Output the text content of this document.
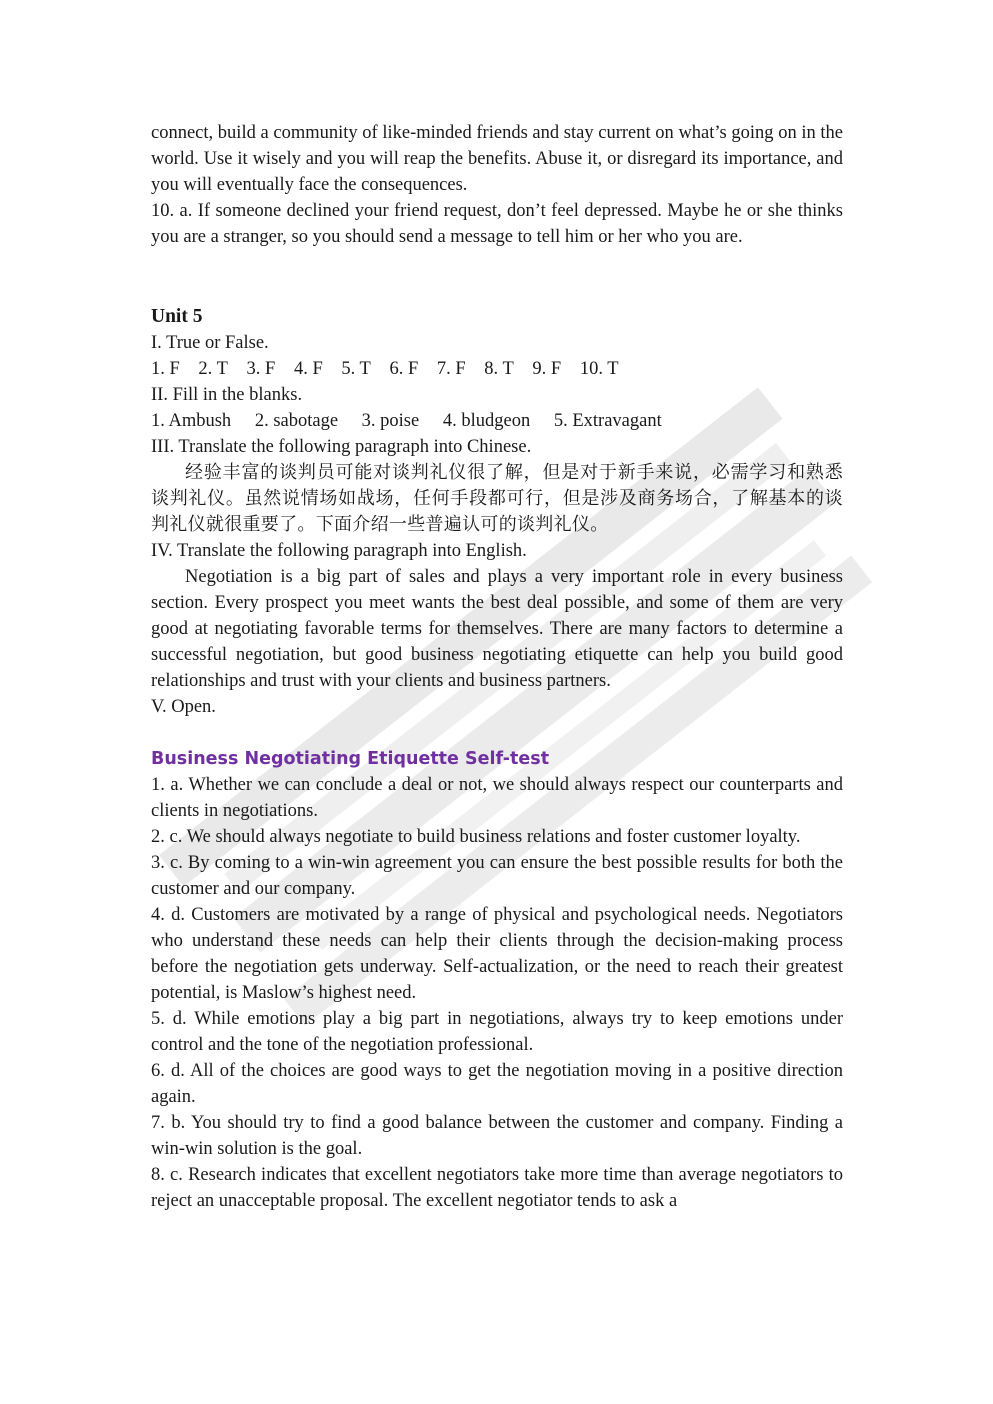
connect, build a community of like-minded friends and stay current on what’s going on in the world. Use it wisely and you will reap the benefits. Abuse it, or disregard its importance, and you will eventually face the consequences.

10. a. If someone declined your friend request, don’t feel depressed. Maybe he or she thinks you are a stranger, so you should send a message to tell him or her who you are.

Unit 5

I. True or False.

1. F 2. T 3. F 4. F 5. T 6. F 7. F 8. T 9. F 10. T

II. Fill in the blanks.

1. Ambush 2. sabotage 3. poise 4. bludgeon 5. Extravagant

III. Translate the following paragraph into Chinese.

经验丰富的谈判员可能对谈判礼仪很了解，但是对于新手来说，必需学习和熟悉谈判礼仪。虽然说情场如战场，任何手段都可行，但是涉及商务场合，了解基本的谈判礼仪就很重要了。下面介绍一些普遍认可的谈判礼仪。

IV. Translate the following paragraph into English.

Negotiation is a big part of sales and plays a very important role in every business section. Every prospect you meet wants the best deal possible, and some of them are very good at negotiating favorable terms for themselves. There are many factors to determine a successful negotiation, but good business negotiating etiquette can help you build good relationships and trust with your clients and business partners.

V. Open.

Business Negotiating Etiquette Self-test

1. a. Whether we can conclude a deal or not, we should always respect our counterparts and clients in negotiations.

2. c. We should always negotiate to build business relations and foster customer loyalty.

3. c. By coming to a win-win agreement you can ensure the best possible results for both the customer and our company.

4. d. Customers are motivated by a range of physical and psychological needs. Negotiators who understand these needs can help their clients through the decision-making process before the negotiation gets underway. Self-actualization, or the need to reach their greatest potential, is Maslow’s highest need.

5. d. While emotions play a big part in negotiations, always try to keep emotions under control and the tone of the negotiation professional.

6. d. All of the choices are good ways to get the negotiation moving in a positive direction again.

7. b. You should try to find a good balance between the customer and company. Finding a win-win solution is the goal.

8. c. Research indicates that excellent negotiators take more time than average negotiators to reject an unacceptable proposal. The excellent negotiator tends to ask a
